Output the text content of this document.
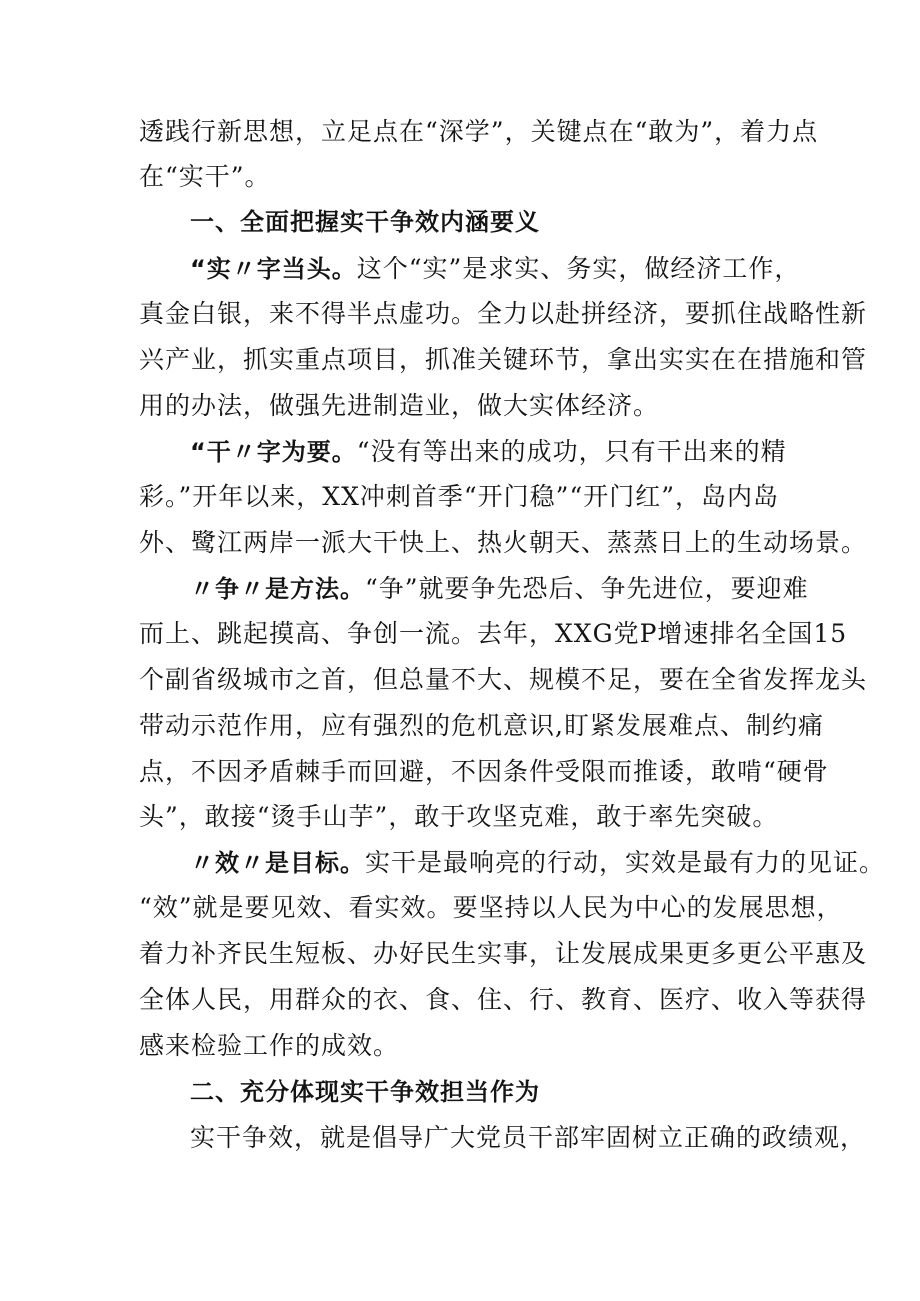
透践行新思想，立足点在“深学”，关键点在“敢为”，着力点
在“实干”。
一、全面把握实干争效内涵要义
“实〃字当头。这个“实”是求实、务实，做经济工作，
真金白银，来不得半点虚功。全力以赴拼经济，要抓住战略性新
兴产业，抓实重点项目，抓准关键环节，拿出实实在在措施和管
用的办法，做强先进制造业，做大实体经济。
“干〃字为要。“没有等出来的成功，只有干出来的精
彩。”开年以来，XX冲刺首季“开门稳”“开门红”，岛内岛
外、鹭江两岸一派大干快上、热火朝天、蒸蒸日上的生动场景。
〃争〃是方法。“争”就要争先恐后、争先进位，要迎难
而上、跳起摸高、争创一流。去年，XXG党P增速排名全国15
个副省级城市之首，但总量不大、规模不足，要在全省发挥龙头
带动示范作用，应有强烈的危机意识,盯紧发展难点、制约痛
点，不因矛盾棘手而回避，不因条件受限而推诿，敢啃“硬骨
头”，敢接“烫手山芋”，敢于攻坚克难，敢于率先突破。
〃效〃是目标。实干是最响亮的行动，实效是最有力的见证。
“效”就是要见效、看实效。要坚持以人民为中心的发展思想，
着力补齐民生短板、办好民生实事，让发展成果更多更公平惠及
全体人民，用群众的衣、食、住、行、教育、医疗、收入等获得
感来检验工作的成效。
二、充分体现实干争效担当作为
实干争效，就是倡导广大党员干部牢固树立正确的政绩观，
